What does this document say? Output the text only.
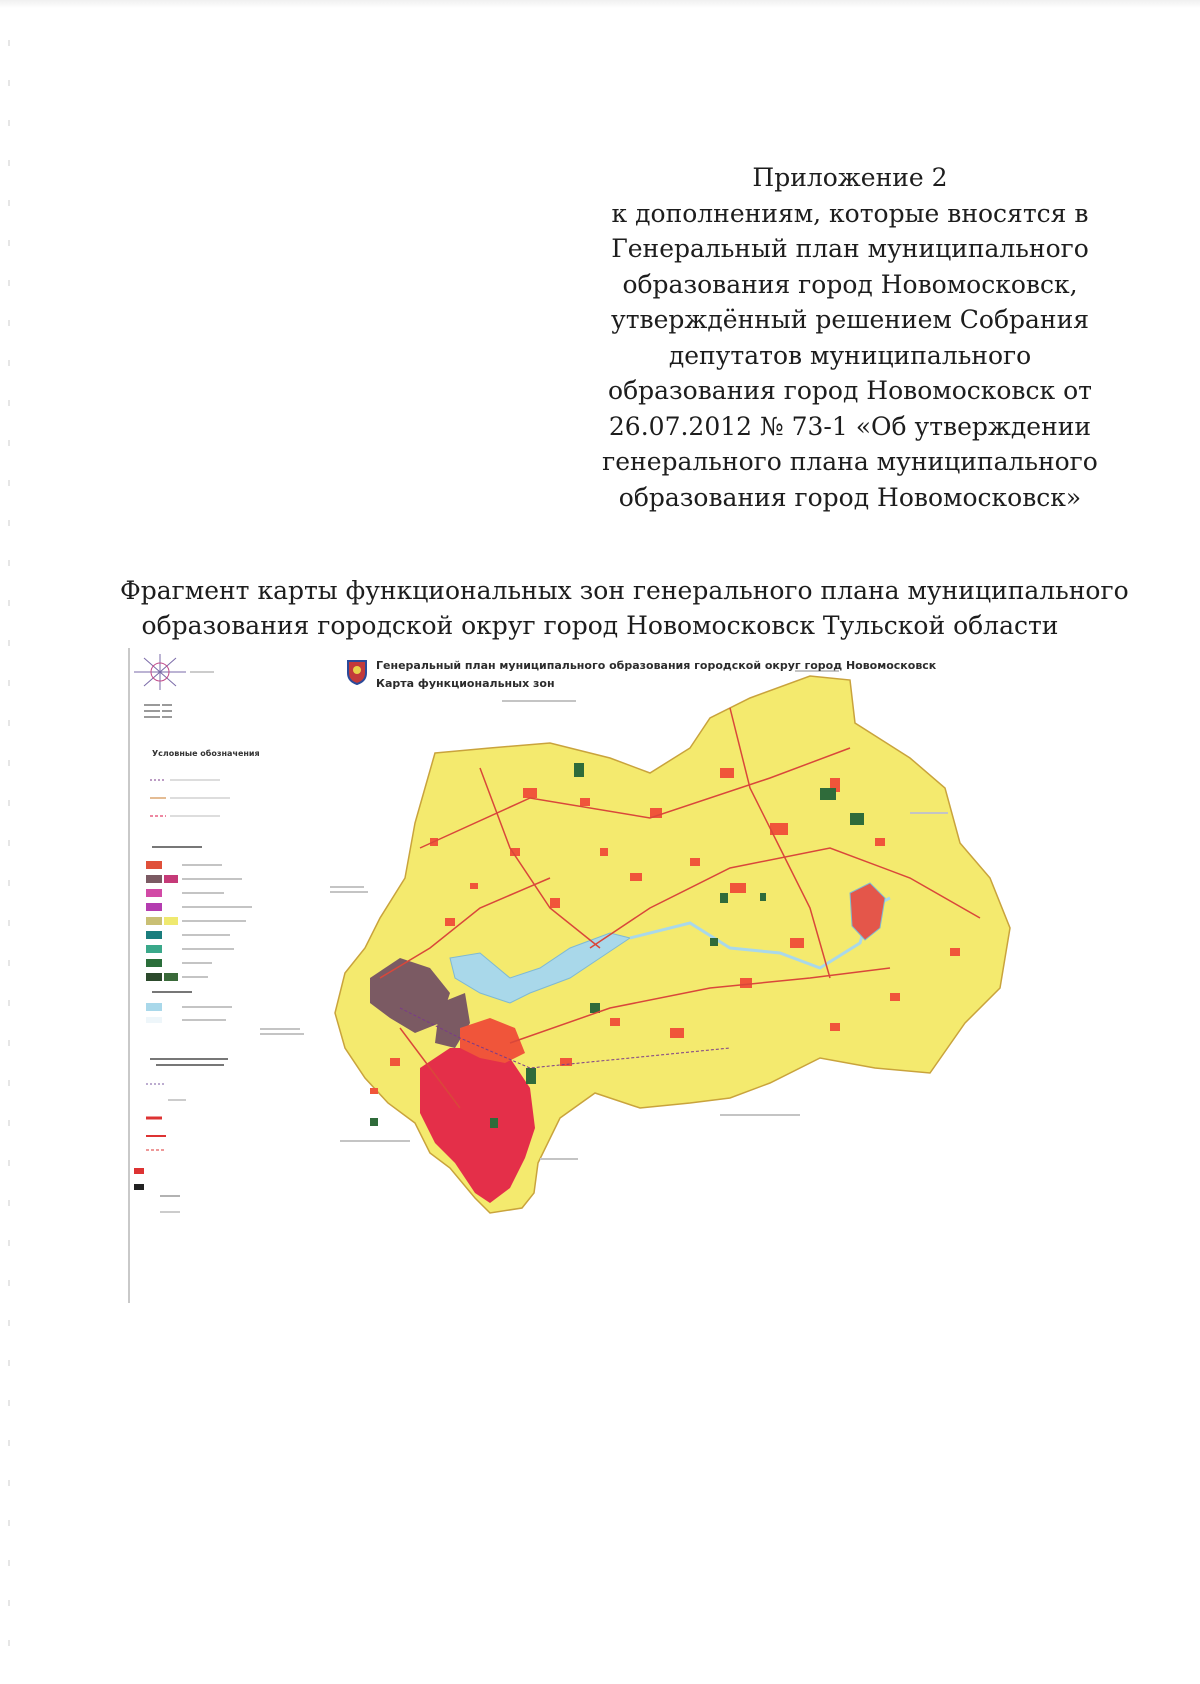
Приложение 2
к дополнениям, которые вносятся в
Генеральный план муниципального
образования город Новомосковск,
утверждённый решением Собрания
депутатов муниципального
образования город Новомосковск от
26.07.2012 № 73-1 «Об утверждении
генерального плана муниципального
образования город Новомосковск»
Фрагмент карты функциональных зон генерального плана муниципального
образования городской округ город Новомосковск Тульской области
Условные обозначения
Генеральный план муниципального образования городской округ город Новомосковск
Карта функциональных зон
